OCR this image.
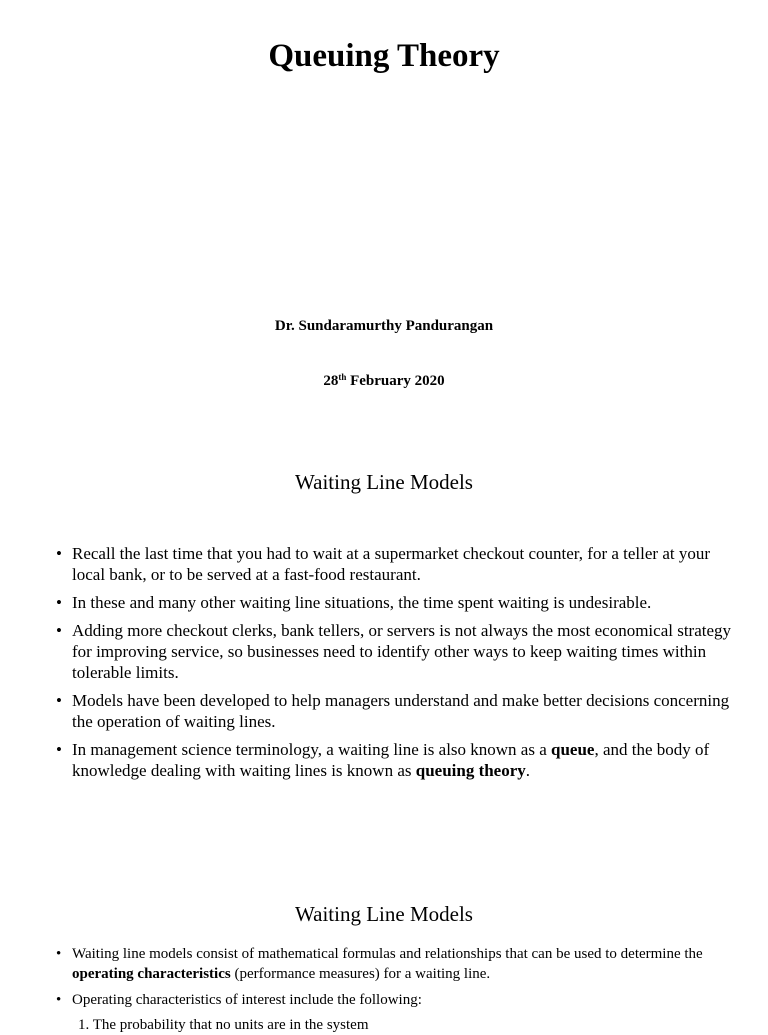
Queuing Theory
Dr. Sundaramurthy Pandurangan
28th February 2020
Waiting Line Models
• Recall the last time that you had to wait at a supermarket checkout counter, for a teller at your local bank, or to be served at a fast-food restaurant.
• In these and many other waiting line situations, the time spent waiting is undesirable.
• Adding more checkout clerks, bank tellers, or servers is not always the most economical strategy for improving service, so businesses need to identify other ways to keep waiting times within tolerable limits.
• Models have been developed to help managers understand and make better decisions concerning the operation of waiting lines.
• In management science terminology, a waiting line is also known as a queue, and the body of knowledge dealing with waiting lines is known as queuing theory.
Waiting Line Models
• Waiting line models consist of mathematical formulas and relationships that can be used to determine the operating characteristics (performance measures) for a waiting line.
• Operating characteristics of interest include the following:
1. The probability that no units are in the system
